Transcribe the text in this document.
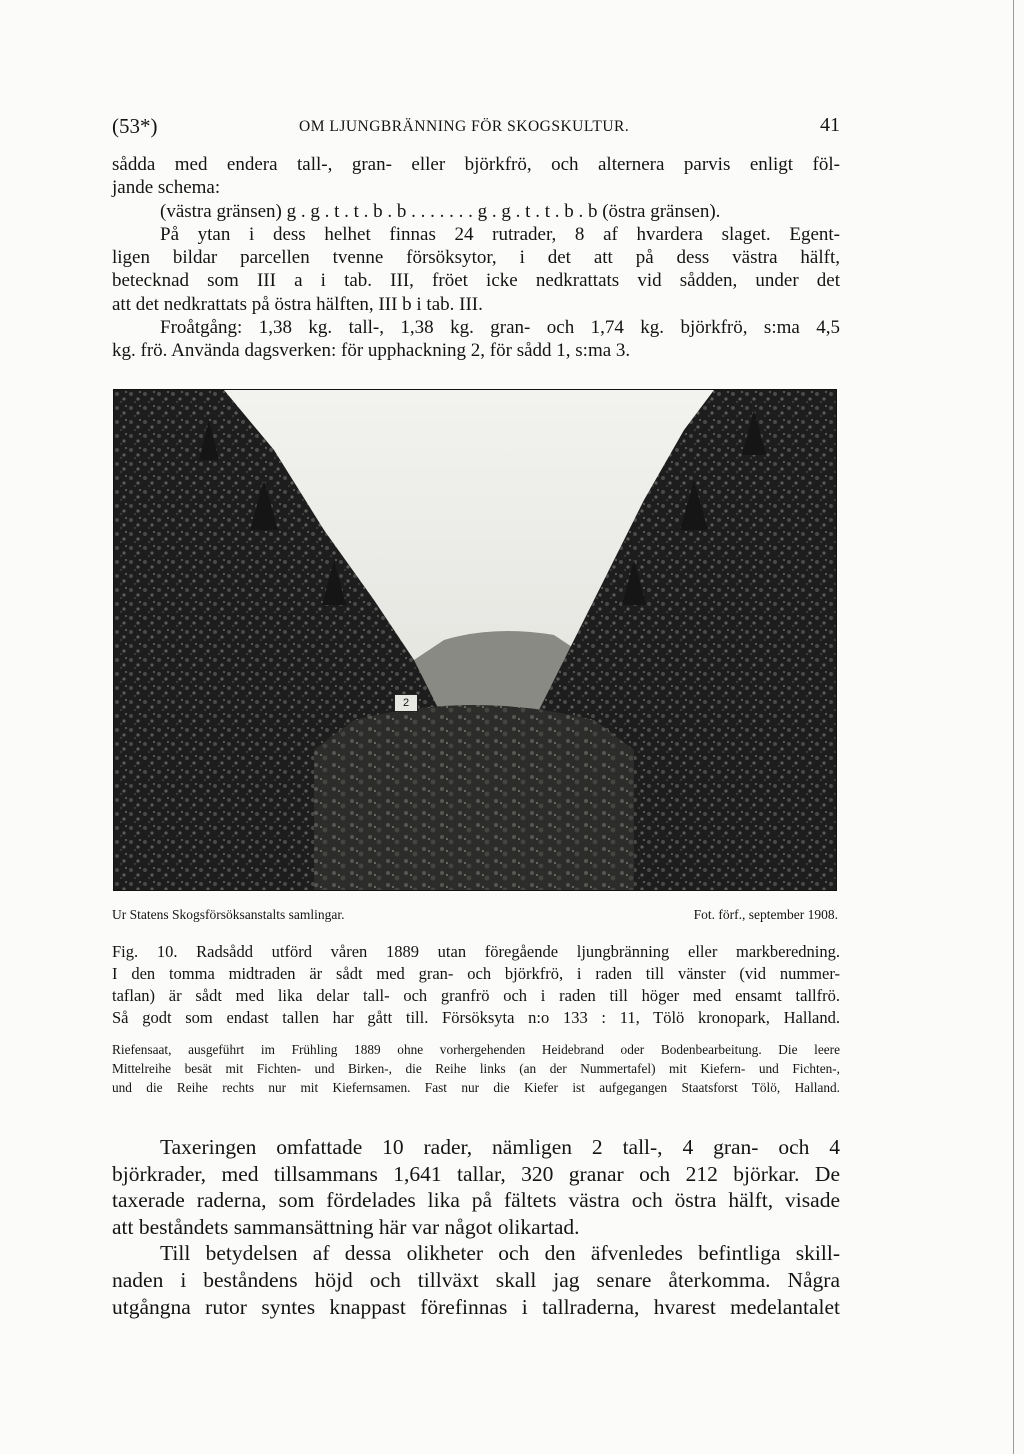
(53*)	OM LJUNGBRÄNNING FÖR SKOGSKULTUR.	41
sådda med endera tall-, gran- eller björkfrö, och alternera parvis enligt föl-
jande schema:
(västra gränsen) g . g . t . t . b . b . . . . . . . g . g . t . t . b . b (östra gränsen).
På ytan i dess helhet finnas 24 rutrader, 8 af hvardera slaget. Egent-
ligen bildar parcellen tvenne försöksytor, i det att på dess västra hälft,
betecknad som III a i tab. III, fröet icke nedkrattats vid sådden, under det
att det nedkrattats på östra hälften, III b i tab. III.
Froåtgång: 1,38 kg. tall-, 1,38 kg. gran- och 1,74 kg. björkfrö, s:ma 4,5
kg. frö. Använda dagsverken: för upphackning 2, för sådd 1, s:ma 3.
2
Ur Statens Skogsförsöksanstalts samlingar.	Fot. förf., september 1908.
Fig. 10. Radsådd utförd våren 1889 utan föregående ljungbränning eller markberedning.
I den tomma midtraden är sådt med gran- och björkfrö, i raden till vänster (vid nummer-
taflan) är sådt med lika delar tall- och granfrö och i raden till höger med ensamt tallfrö.
Så godt som endast tallen har gått till. Försöksyta n:o 133 : 11, Tölö kronopark, Halland.
Riefensaat, ausgeführt im Frühling 1889 ohne vorhergehenden Heidebrand oder Bodenbearbeitung. Die leere
Mittelreihe besät mit Fichten- und Birken-, die Reihe links (an der Nummertafel) mit Kiefern- und Fichten-,
und die Reihe rechts nur mit Kiefernsamen. Fast nur die Kiefer ist aufgegangen Staatsforst Tölö, Halland.
Taxeringen omfattade 10 rader, nämligen 2 tall-, 4 gran- och 4
björkrader, med tillsammans 1,641 tallar, 320 granar och 212 björkar. De
taxerade raderna, som fördelades lika på fältets västra och östra hälft, visade
att beståndets sammansättning här var något olikartad.
Till betydelsen af dessa olikheter och den äfvenledes befintliga skill-
naden i beståndens höjd och tillväxt skall jag senare återkomma. Några
utgångna rutor syntes knappast förefinnas i tallraderna, hvarest medelantalet
